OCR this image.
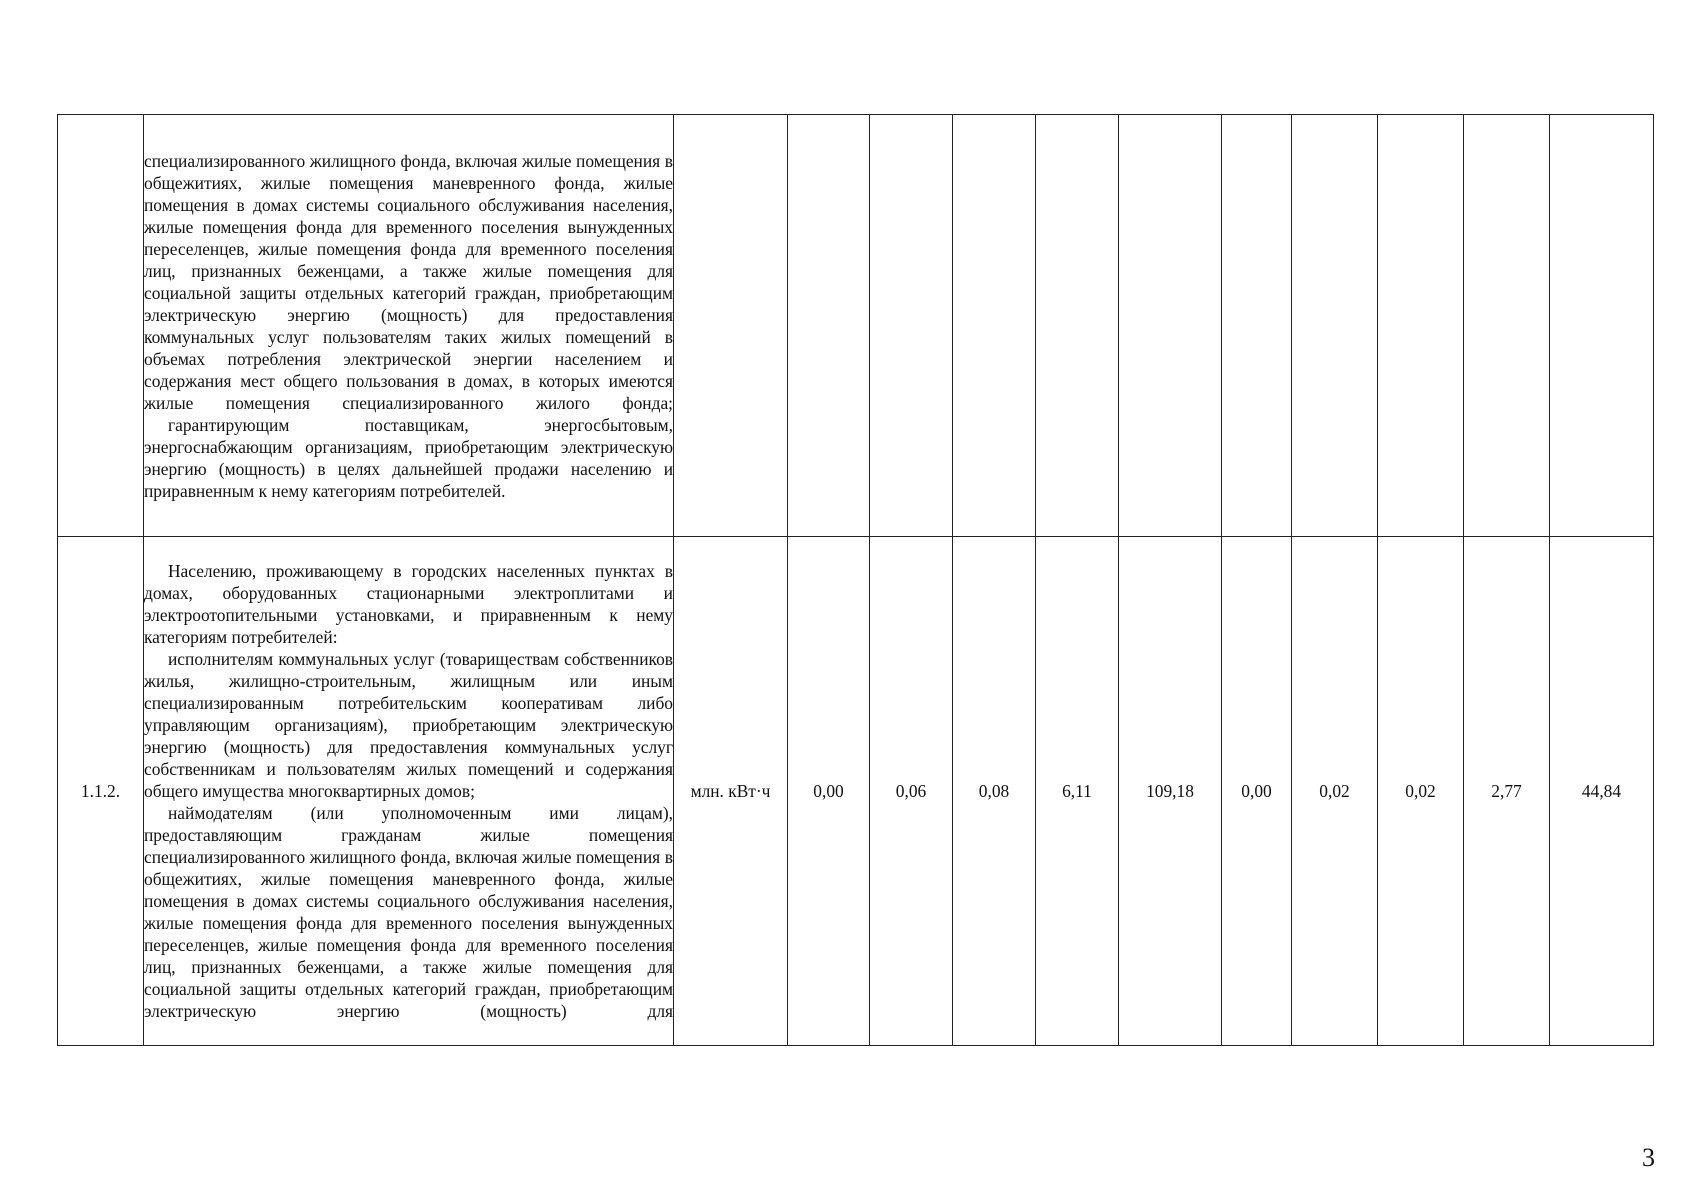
	специализированного жилищного фонда, включая жилые помещения в общежитиях, жилые помещения маневренного фонда, жилые помещения в домах системы социального обслуживания населения, жилые помещения фонда для временного поселения вынужденных переселенцев, жилые помещения фонда для временного поселения лиц, признанных беженцами, а также жилые помещения для социальной защиты отдельных категорий граждан, приобретающим электрическую энергию (мощность) для предоставления коммунальных услуг пользователям таких жилых помещений в объемах потребления электрической энергии населением и содержания мест общего пользования в домах, в которых имеются жилые помещения специализированного жилого фонда;

гарантирующим поставщикам, энергосбытовым, энергоснабжающим организациям, приобретающим электрическую энергию (мощность) в целях дальнейшей продажи населению и приравненным к нему категориям потребителей.											

1.1.2.	Населению, проживающему в городских населенных пунктах в домах, оборудованных стационарными электроплитами и электроотопительными установками, и приравненным к нему категориям потребителей:

исполнителям коммунальных услуг (товариществам собственников жилья, жилищно-строительным, жилищным или иным специализированным потребительским кооперативам либо управляющим организациям), приобретающим электрическую энергию (мощность) для предоставления коммунальных услуг собственникам и пользователям жилых помещений и содержания общего имущества многоквартирных домов;

наймодателям (или уполномоченным ими лицам), предоставляющим гражданам жилые помещения специализированного жилищного фонда, включая жилые помещения в общежитиях, жилые помещения маневренного фонда, жилые помещения в домах системы социального обслуживания населения, жилые помещения фонда для временного поселения вынужденных переселенцев, жилые помещения фонда для временного поселения лиц, признанных беженцами, а также жилые помещения для социальной защиты отдельных категорий граждан, приобретающим электрическую энергию (мощность) для	млн. кВт·ч	0,00	0,06	0,08	6,11	109,18	0,00	0,02	0,02	2,77	44,84
3
